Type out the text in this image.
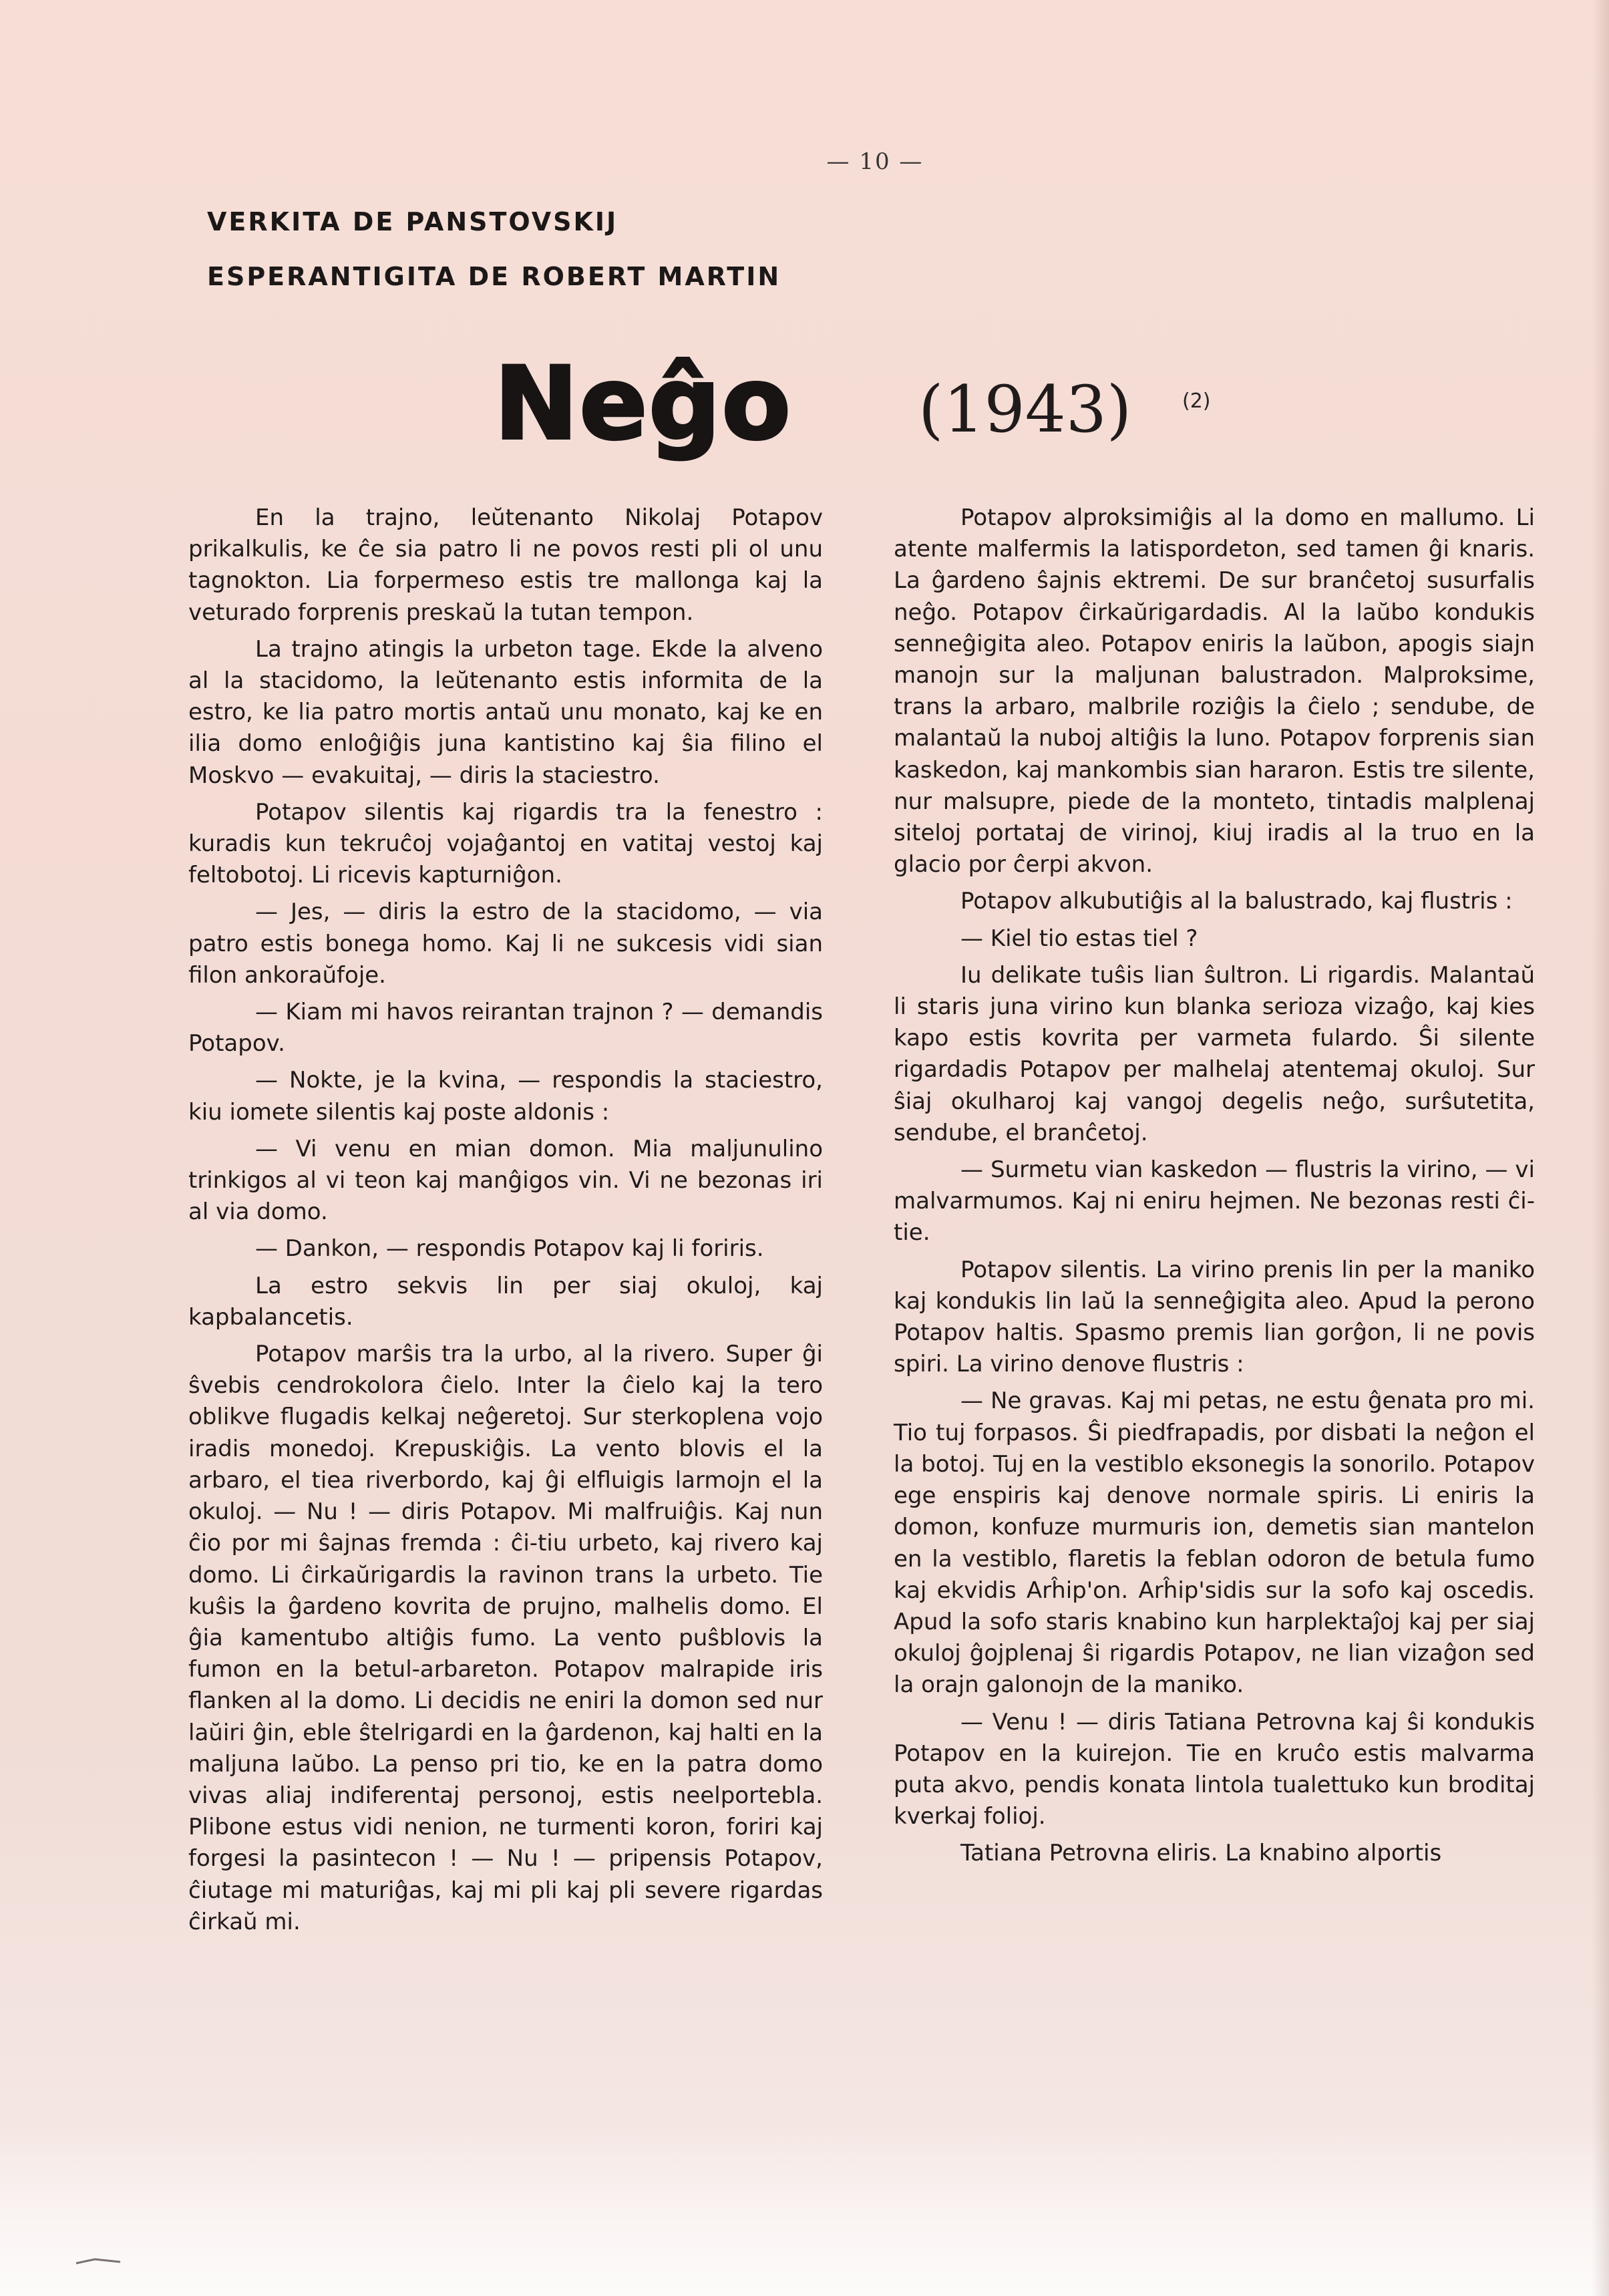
— 10 —
VERKITA DE PANSTOVSKIJ
ESPERANTIGITA DE ROBERT MARTIN
Neĝo (1943)	(2)

En la trajno, leŭtenanto Nikolaj Potapov prikalkulis, ke ĉe sia patro li ne povos resti pli ol unu tagnokton. Lia forpermeso estis tre mallonga kaj la veturado forprenis preskaŭ la tutan tempon.

La trajno atingis la urbeton tage. Ekde la alveno al la stacidomo, la leŭtenanto estis informita de la estro, ke lia patro mortis antaŭ unu monato, kaj ke en ilia domo enloĝiĝis juna kantistino kaj ŝia filino el Moskvo — evakuitaj, — diris la staciestro.

Potapov silentis kaj rigardis tra la fenestro : kuradis kun tekruĉoj vojaĝantoj en vatitaj vestoj kaj feltobotoj. Li ricevis kapturniĝon.

— Jes, — diris la estro de la stacidomo, — via patro estis bonega homo. Kaj li ne sukcesis vidi sian filon ankoraŭfoje.

— Kiam mi havos reirantan trajnon ? — demandis Potapov.

— Nokte, je la kvina, — respondis la staciestro, kiu iomete silentis kaj poste aldonis :

— Vi venu en mian domon. Mia maljunulino trinkigos al vi teon kaj manĝigos vin. Vi ne bezonas iri al via domo.

— Dankon, — respondis Potapov kaj li foriris.

La estro sekvis lin per siaj okuloj, kaj kapbalancetis.

Potapov marŝis tra la urbo, al la rivero. Super ĝi ŝvebis cendrokolora ĉielo. Inter la ĉielo kaj la tero oblikve flugadis kelkaj neĝeretoj. Sur sterkoplena vojo iradis monedoj. Krepuskiĝis. La vento blovis el la arbaro, el tiea riverbordo, kaj ĝi elfluigis larmojn el la okuloj. — Nu ! — diris Potapov. Mi malfruiĝis. Kaj nun ĉio por mi ŝajnas fremda : ĉi-tiu urbeto, kaj rivero kaj domo. Li ĉirkaŭrigardis la ravinon trans la urbeto. Tie kuŝis la ĝardeno kovrita de prujno, malhelis domo. El ĝia kamentubo altiĝis fumo. La vento puŝblovis la fumon en la betul-arbareton. Potapov malrapide iris flanken al la domo. Li decidis ne eniri la domon sed nur laŭiri ĝin, eble ŝtelrigardi en la ĝardenon, kaj halti en la maljuna laŭbo. La penso pri tio, ke en la patra domo vivas aliaj indiferentaj personoj, estis neelportebla. Plibone estus vidi nenion, ne turmenti koron, foriri kaj forgesi la pasintecon ! — Nu ! — pripensis Potapov, ĉiutage mi maturiĝas, kaj mi pli kaj pli severe rigardas ĉirkaŭ mi.

Potapov alproksimiĝis al la domo en mallumo. Li atente malfermis la latispordeton, sed tamen ĝi knaris. La ĝardeno ŝajnis ektremi. De sur branĉetoj susurfalis neĝo. Potapov ĉirkaŭrigardadis. Al la laŭbo kondukis senneĝigita aleo. Potapov eniris la laŭbon, apogis siajn manojn sur la maljunan balustradon. Malproksime, trans la arbaro, malbrile roziĝis la ĉielo ; sendube, de malantaŭ la nuboj altiĝis la luno. Potapov forprenis sian kaskedon, kaj mankombis sian hararon. Estis tre silente, nur malsupre, piede de la monteto, tintadis malplenaj siteloj portataj de virinoj, kiuj iradis al la truo en la glacio por ĉerpi akvon.

Potapov alkubutiĝis al la balustrado, kaj flustris :

— Kiel tio estas tiel ?

Iu delikate tuŝis lian ŝultron. Li rigardis. Malantaŭ li staris juna virino kun blanka serioza vizaĝo, kaj kies kapo estis kovrita per varmeta fulardo. Ŝi silente rigardadis Potapov per malhelaj atentemaj okuloj. Sur ŝiaj okulharoj kaj vangoj degelis neĝo, surŝutetita, sendube, el branĉetoj.

— Surmetu vian kaskedon — flustris la virino, — vi malvarmumos. Kaj ni eniru hejmen. Ne bezonas resti ĉi-tie.

Potapov silentis. La virino prenis lin per la maniko kaj kondukis lin laŭ la senneĝigita aleo. Apud la perono Potapov haltis. Spasmo premis lian gorĝon, li ne povis spiri. La virino denove flustris :

— Ne gravas. Kaj mi petas, ne estu ĝenata pro mi. Tio tuj forpasos. Ŝi piedfrapadis, por disbati la neĝon el la botoj. Tuj en la vestiblo eksonegis la sonorilo. Potapov ege enspiris kaj denove normale spiris. Li eniris la domon, konfuze murmuris ion, demetis sian mantelon en la vestiblo, flaretis la feblan odoron de betula fumo kaj ekvidis Arĥip'on. Arĥip'sidis sur la sofo kaj oscedis. Apud la sofo staris knabino kun harplektaĵoj kaj per siaj okuloj ĝojplenaj ŝi rigardis Potapov, ne lian vizaĝon sed la orajn galonojn de la maniko.

— Venu ! — diris Tatiana Petrovna kaj ŝi kondukis Potapov en la kuirejon. Tie en kruĉo estis malvarma puta akvo, pendis konata lintola tualettuko kun broditaj kverkaj folioj.

Tatiana Petrovna eliris. La knabino alportis
